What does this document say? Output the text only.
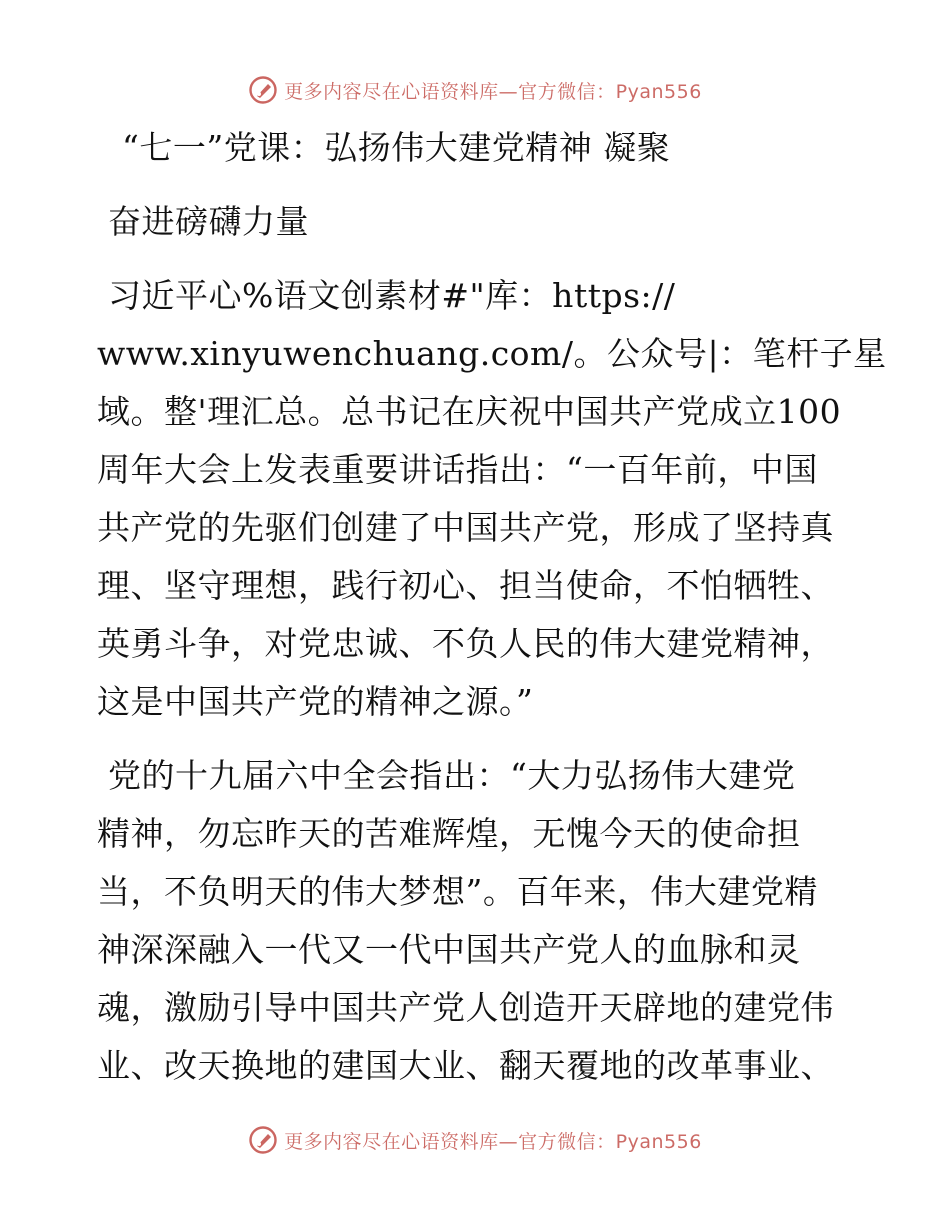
更多内容尽在心语资料库—官方微信：Pyan556
“七一”党课：弘扬伟大建党精神 凝聚
奋进磅礴力量
习近平心%语文创素材#"库：https://
www.xinyuwenchuang.com/。公众号|：笔杆子星
域。整'理汇总。总书记在庆祝中国共产党成立100
周年大会上发表重要讲话指出：“一百年前，中国
共产党的先驱们创建了中国共产党，形成了坚持真
理、坚守理想，践行初心、担当使命，不怕牺牲、
英勇斗争，对党忠诚、不负人民的伟大建党精神，
这是中国共产党的精神之源。”
党的十九届六中全会指出：“大力弘扬伟大建党
精神，勿忘昨天的苦难辉煌，无愧今天的使命担
当，不负明天的伟大梦想”。百年来，伟大建党精
神深深融入一代又一代中国共产党人的血脉和灵
魂，激励引导中国共产党人创造开天辟地的建党伟
业、改天换地的建国大业、翻天覆地的改革事业、
更多内容尽在心语资料库—官方微信：Pyan556
